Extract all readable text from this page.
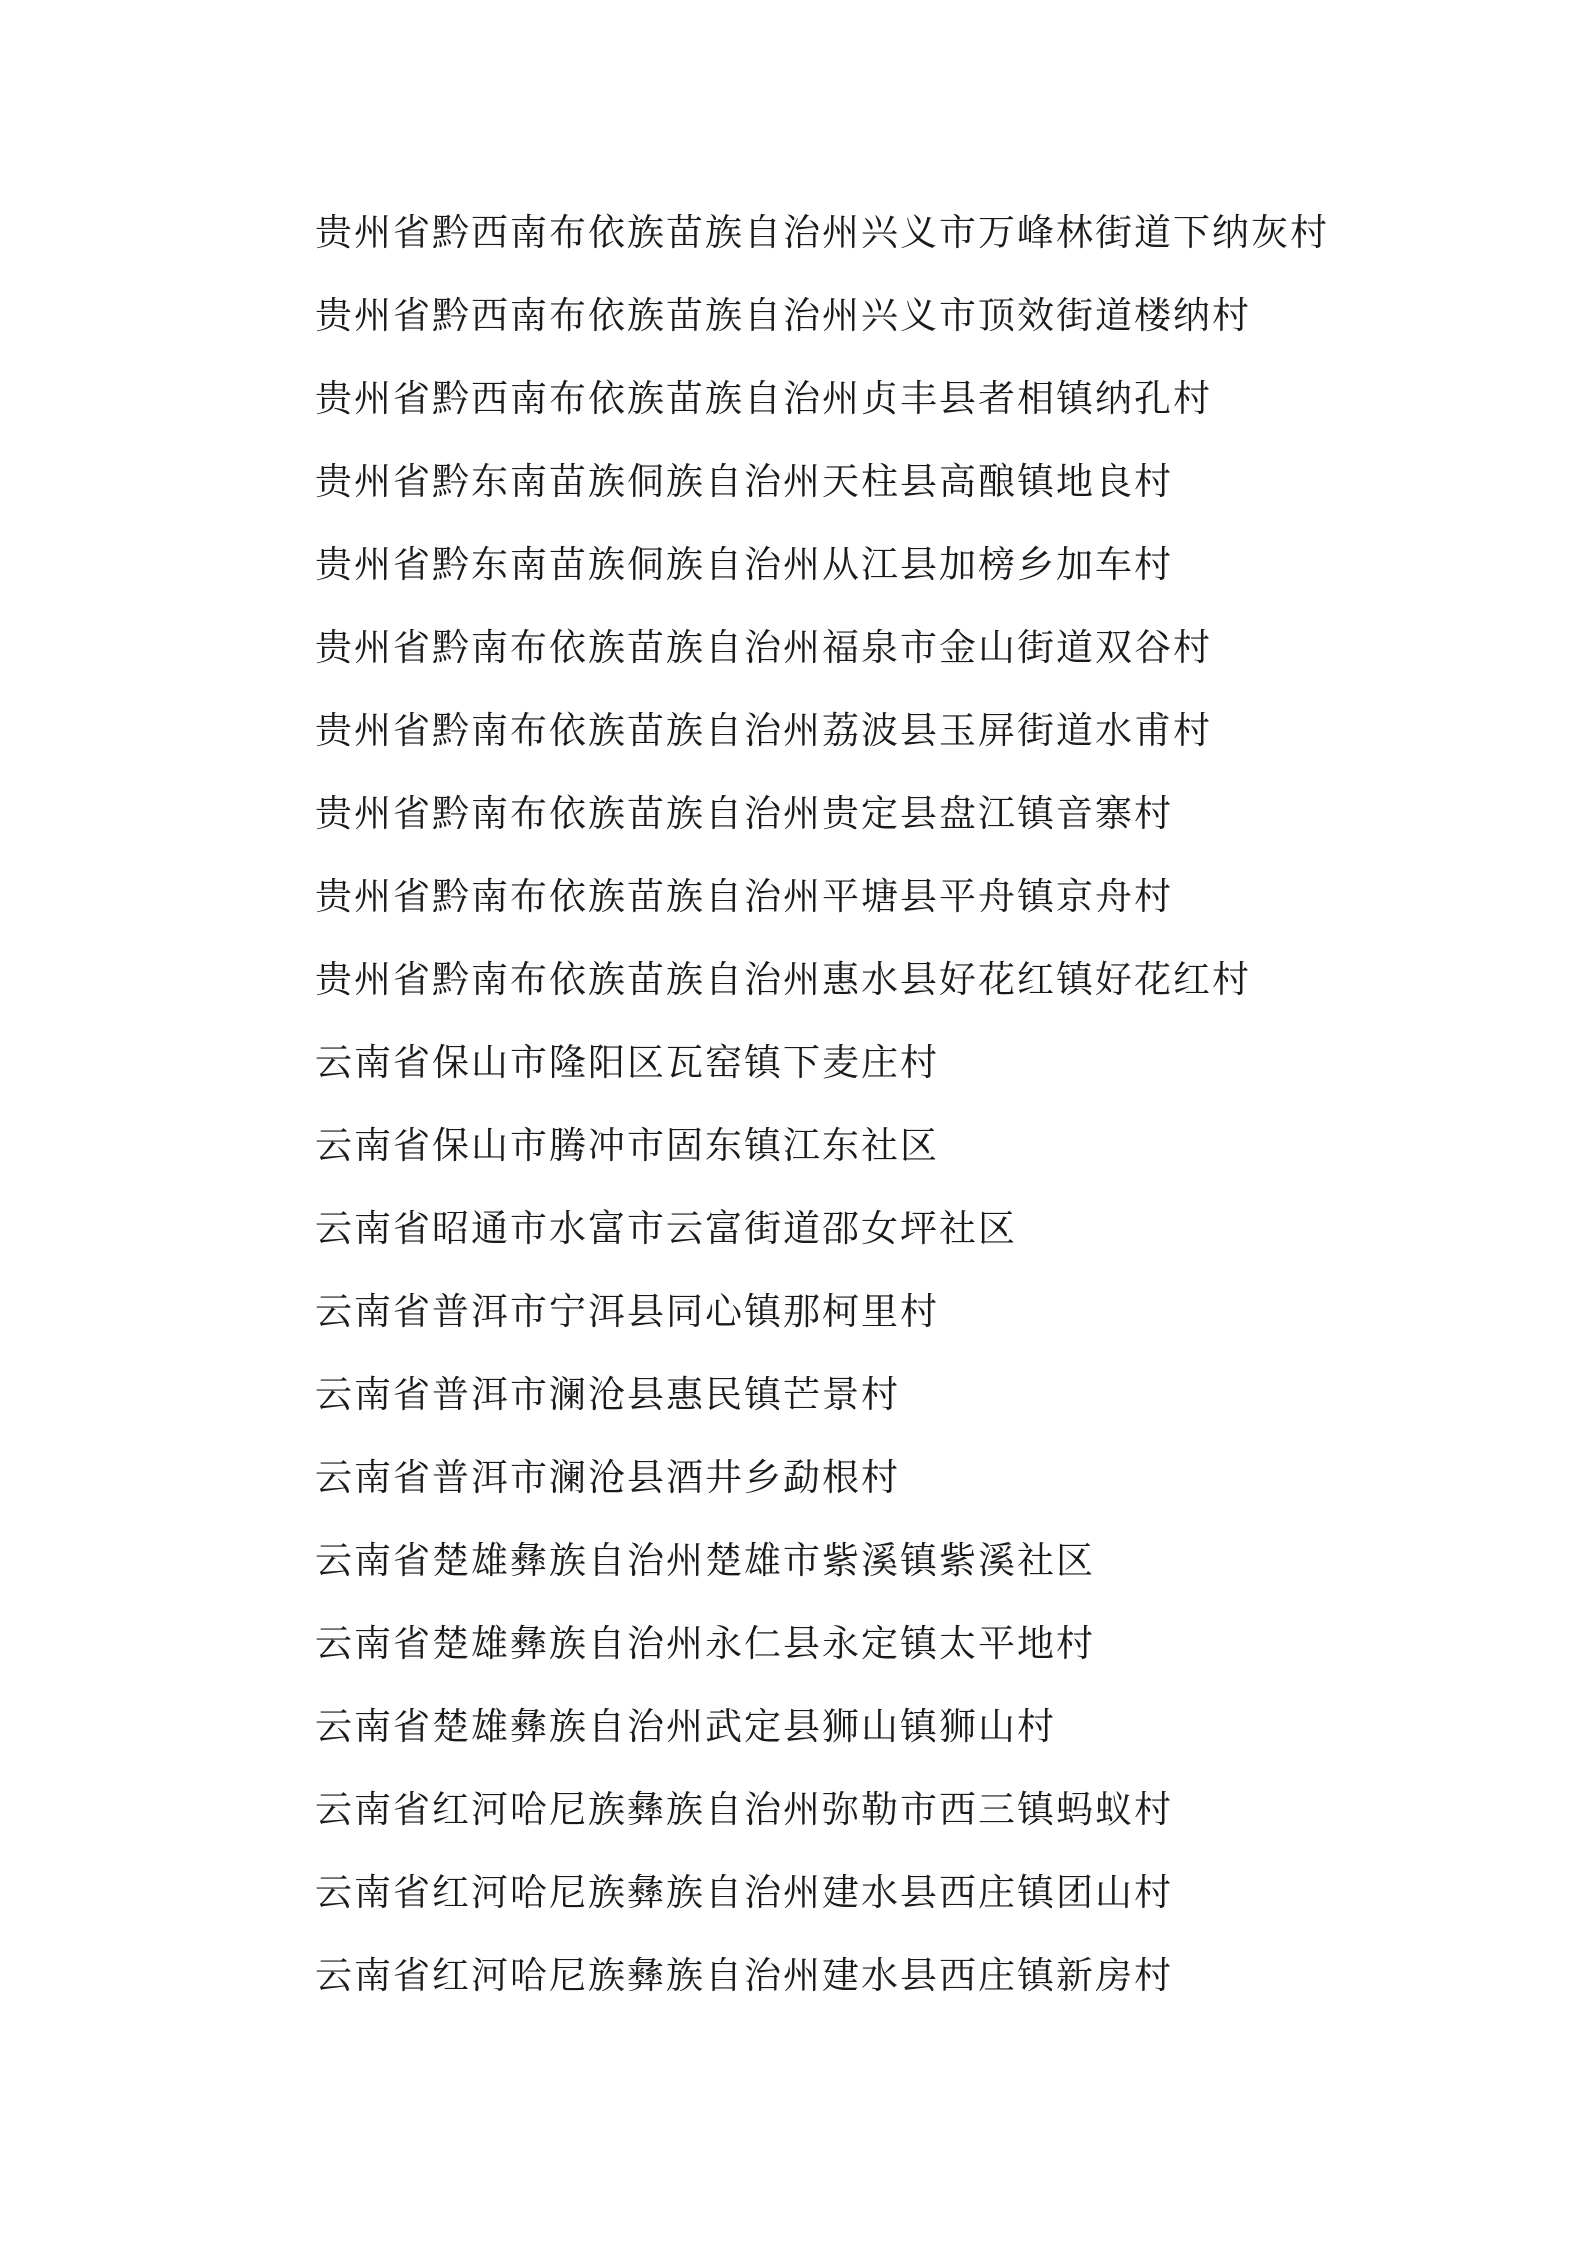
贵州省黔西南布依族苗族自治州兴义市万峰林街道下纳灰村
贵州省黔西南布依族苗族自治州兴义市顶效街道楼纳村
贵州省黔西南布依族苗族自治州贞丰县者相镇纳孔村
贵州省黔东南苗族侗族自治州天柱县高酿镇地良村
贵州省黔东南苗族侗族自治州从江县加榜乡加车村
贵州省黔南布依族苗族自治州福泉市金山街道双谷村
贵州省黔南布依族苗族自治州荔波县玉屏街道水甫村
贵州省黔南布依族苗族自治州贵定县盘江镇音寨村
贵州省黔南布依族苗族自治州平塘县平舟镇京舟村
贵州省黔南布依族苗族自治州惠水县好花红镇好花红村
云南省保山市隆阳区瓦窑镇下麦庄村
云南省保山市腾冲市固东镇江东社区
云南省昭通市水富市云富街道邵女坪社区
云南省普洱市宁洱县同心镇那柯里村
云南省普洱市澜沧县惠民镇芒景村
云南省普洱市澜沧县酒井乡勐根村
云南省楚雄彝族自治州楚雄市紫溪镇紫溪社区
云南省楚雄彝族自治州永仁县永定镇太平地村
云南省楚雄彝族自治州武定县狮山镇狮山村
云南省红河哈尼族彝族自治州弥勒市西三镇蚂蚁村
云南省红河哈尼族彝族自治州建水县西庄镇团山村
云南省红河哈尼族彝族自治州建水县西庄镇新房村
